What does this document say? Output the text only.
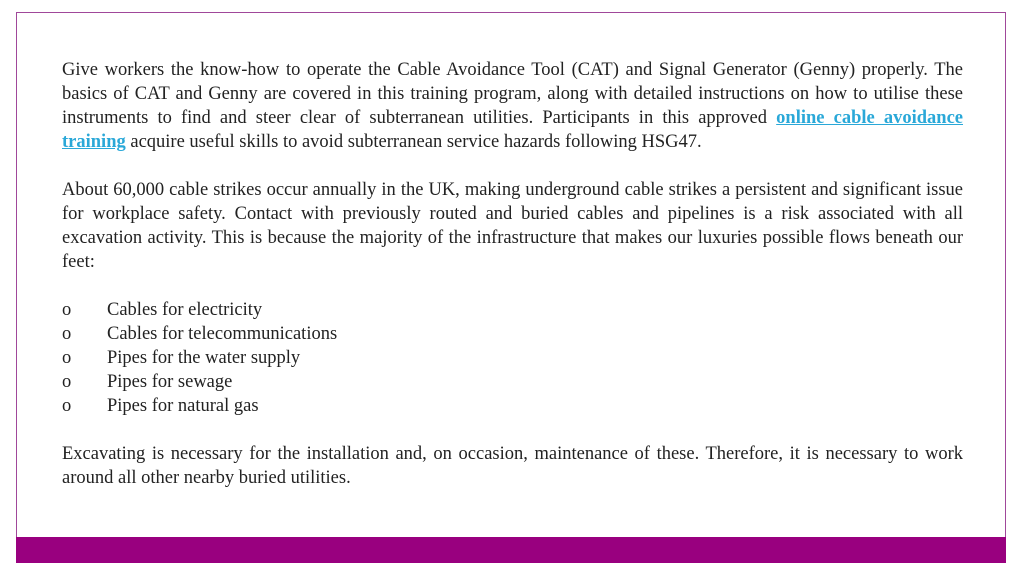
Give workers the know-how to operate the Cable Avoidance Tool (CAT) and Signal Generator (Genny) properly. The basics of CAT and Genny are covered in this training program, along with detailed instructions on how to utilise these instruments to find and steer clear of subterranean utilities. Participants in this approved online cable avoidance training acquire useful skills to avoid subterranean service hazards following HSG47.

About 60,000 cable strikes occur annually in the UK, making underground cable strikes a persistent and significant issue for workplace safety. Contact with previously routed and buried cables and pipelines is a risk associated with all excavation activity. This is because the majority of the infrastructure that makes our luxuries possible flows beneath our feet:

o	Cables for electricity
o	Cables for telecommunications
o	Pipes for the water supply
o	Pipes for sewage
o	Pipes for natural gas

Excavating is necessary for the installation and, on occasion, maintenance of these. Therefore, it is necessary to work around all other nearby buried utilities.
